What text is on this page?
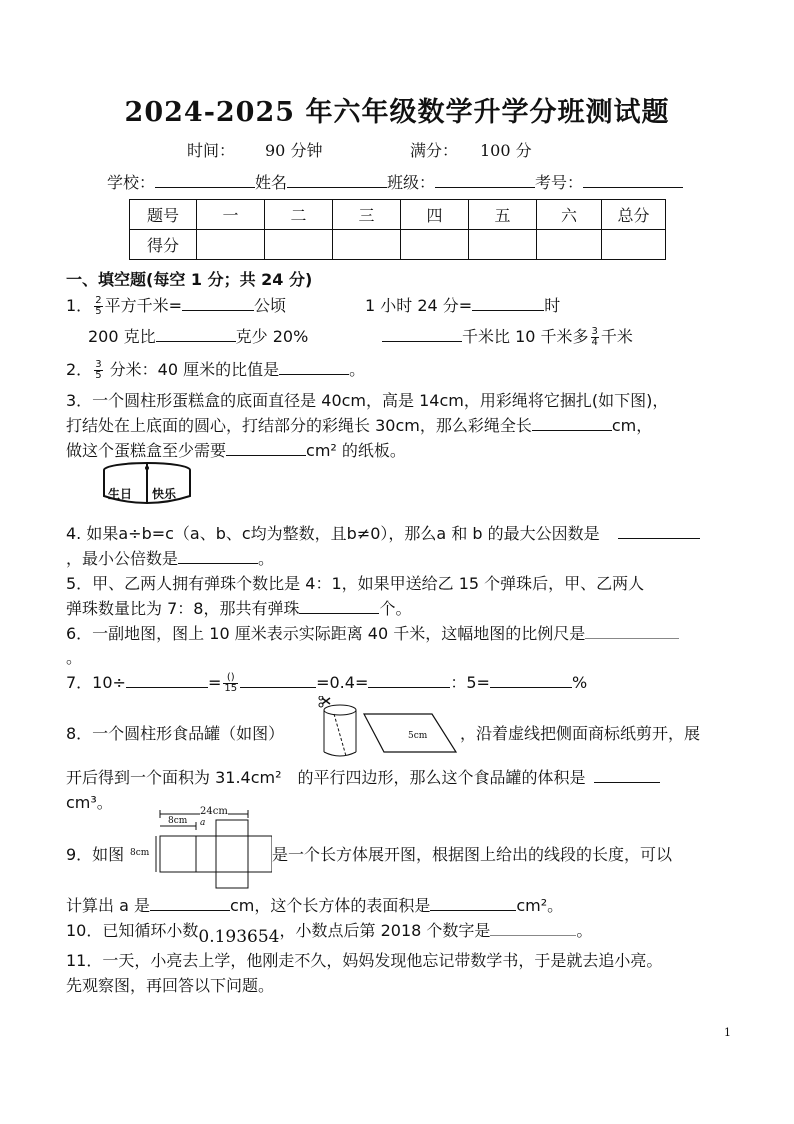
2024-2025 年六年级数学升学分班测试题
时间： 90 分钟	满分： 100 分
学校：	姓名	班级：	考号：
题号	一	二	三	四	五	六	总分
得分							
一、填空题(每空 1 分；共 24 分)
1． $\frac{2}{5}$ 平方千米=	公顷	1 小时 24 分=	时
200 克比	克少 20%	千米比 10 千米多 $\frac{3}{4}$ 千米
2． $\frac{3}{5}$ 分米：40 厘米的比值是	。
3．一个圆柱形蛋糕盒的底面直径是 40cm，高是 14cm，用彩绳将它捆扎(如下图)，
打结处在上底面的圆心，打结部分的彩绳长 30cm，那么彩绳全长	cm，
做这个蛋糕盒至少需要	cm² 的纸板。
生日 快乐
4. 如果a÷b=c（a、b、c均为整数，且b≠0），那么a 和 b 的最大公因数是
，最小公倍数是	。
5．甲、乙两人拥有弹珠个数比是 4：1，如果甲送给乙 15 个弹珠后，甲、乙两人
弹珠数量比为 7：8，那共有弹珠	个。
6．一副地图，图上 10 厘米表示实际距离 40 千米，这幅地图的比例尺是
。
7．10÷	= $\frac{()}{15}$	=0.4=	：5=	%
8．一个圆柱形食品罐（如图）	5cm ，沿着虚线把侧面商标纸剪开，展
开后得到一个面积为 31.4cm² 的平行四边形，那么这个食品罐的体积是
cm³。
9．如图
24cm
8cm a
8cm	是一个长方体展开图，根据图上给出的线段的长度，可以
计算出 a 是	cm，这个长方体的表面积是	cm²。
10．已知循环小数0.193654，小数点后第 2018 个数字是	。
11．一天，小亮去上学，他刚走不久，妈妈发现他忘记带数学书，于是就去追小亮。
先观察图，再回答以下问题。
1
